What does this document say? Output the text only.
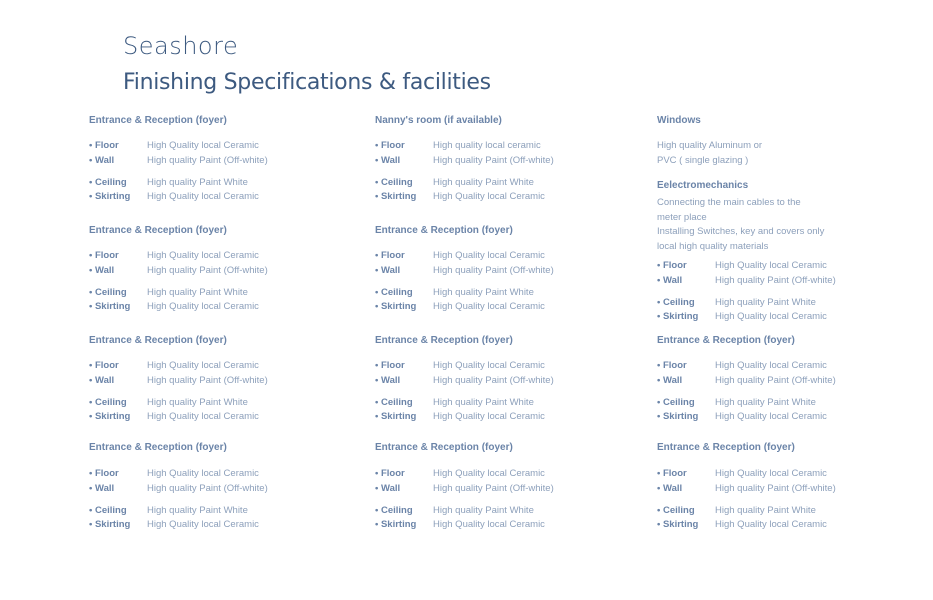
Seashore
Finishing Specifications & facilities
Entrance & Reception (foyer)
• Floor	High Quality local Ceramic
• Wall	High quality Paint (Off-white)
• Ceiling High quality Paint White
• Skirting High Quality local Ceramic
Entrance & Reception (foyer)
• Floor	High Quality local Ceramic
• Wall	High quality Paint (Off-white)
• Ceiling High quality Paint White
• Skirting High Quality local Ceramic
Entrance & Reception (foyer)
• Floor	High Quality local Ceramic
• Wall	High quality Paint (Off-white)
• Ceiling High quality Paint White
• Skirting High Quality local Ceramic
Entrance & Reception (foyer)
• Floor	High Quality local Ceramic
• Wall	High quality Paint (Off-white)
• Ceiling High quality Paint White
• Skirting High Quality local Ceramic
Nanny's room (if available)
• Floor	High quality local ceramic
• Wall	High quality Paint (Off-white)
• Ceiling High quality Paint White
• Skirting High Quality local Ceramic
Entrance & Reception (foyer)
• Floor	High Quality local Ceramic
• Wall	High quality Paint (Off-white)
• Ceiling High quality Paint White
• Skirting High Quality local Ceramic
Entrance & Reception (foyer)
• Floor	High Quality local Ceramic
• Wall	High quality Paint (Off-white)
• Ceiling High quality Paint White
• Skirting High Quality local Ceramic
Entrance & Reception (foyer)
• Floor	High Quality local Ceramic
• Wall	High quality Paint (Off-white)
• Ceiling High quality Paint White
• Skirting High Quality local Ceramic
Windows
High quality Aluminum or
PVC ( single glazing )
Eelectromechanics
Connecting the main cables to the
meter place
Installing Switches, key and covers only
local high quality materials
• Floor	High Quality local Ceramic
• Wall	High quality Paint (Off-white)
• Ceiling High quality Paint White
• Skirting High Quality local Ceramic
Entrance & Reception (foyer)
• Floor	High Quality local Ceramic
• Wall	High quality Paint (Off-white)
• Ceiling High quality Paint White
• Skirting High Quality local Ceramic
Entrance & Reception (foyer)
• Floor	High Quality local Ceramic
• Wall	High quality Paint (Off-white)
• Ceiling High quality Paint White
• Skirting High Quality local Ceramic
